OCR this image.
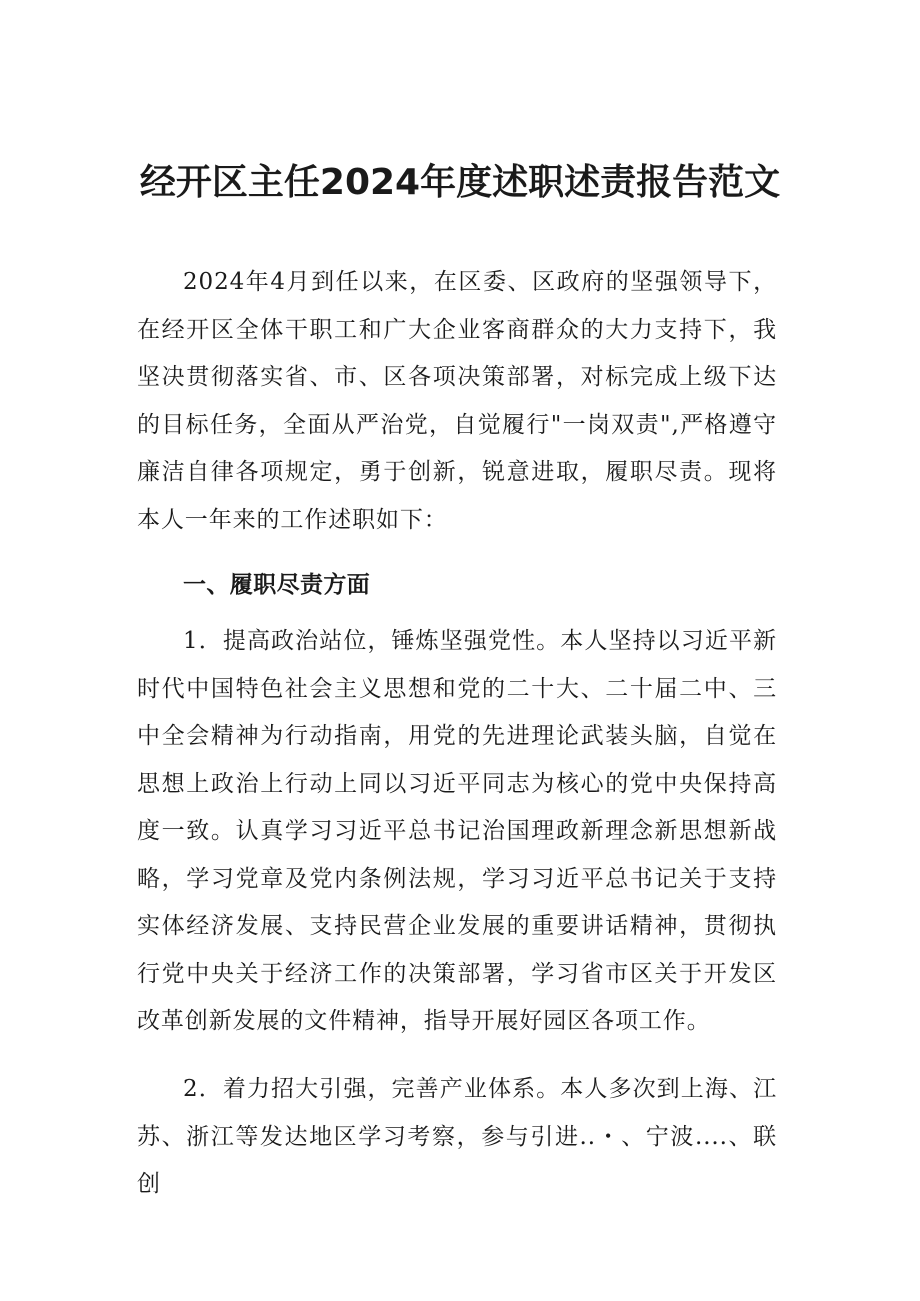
经开区主任2024年度述职述责报告范文

2024年4月到任以来，在区委、区政府的坚强领导下，在经开区全体干职工和广大企业客商群众的大力支持下，我坚决贯彻落实省、市、区各项决策部署，对标完成上级下达的目标任务，全面从严治党，自觉履行"一岗双责",严格遵守廉洁自律各项规定，勇于创新，锐意进取，履职尽责。现将本人一年来的工作述职如下：

一、履职尽责方面

1．提高政治站位，锤炼坚强党性。本人坚持以习近平新时代中国特色社会主义思想和党的二十大、二十届二中、三中全会精神为行动指南，用党的先进理论武装头脑，自觉在思想上政治上行动上同以习近平同志为核心的党中央保持高度一致。认真学习习近平总书记治国理政新理念新思想新战略，学习党章及党内条例法规，学习习近平总书记关于支持实体经济发展、支持民营企业发展的重要讲话精神，贯彻执行党中央关于经济工作的决策部署，学习省市区关于开发区改革创新发展的文件精神，指导开展好园区各项工作。

2．着力招大引强，完善产业体系。本人多次到上海、江苏、浙江等发达地区学习考察，参与引进..・、宁波....、联创
